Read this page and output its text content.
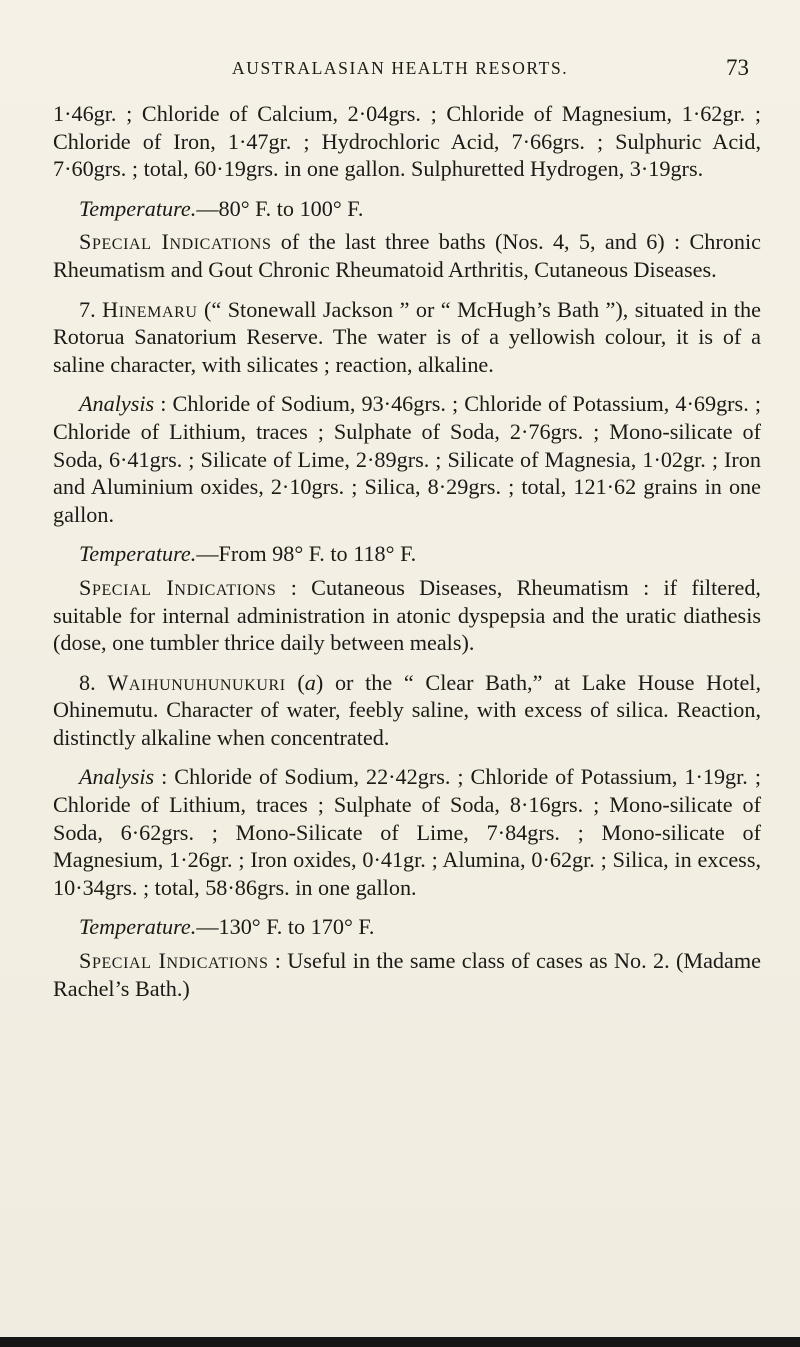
AUSTRALASIAN HEALTH RESORTS.	73

1·46gr. ; Chloride of Calcium, 2·04grs. ; Chloride of Magnesium, 1·62gr. ; Chloride of Iron, 1·47gr. ; Hydrochloric Acid, 7·66grs. ; Sulphuric Acid, 7·60grs. ; total, 60·19grs. in one gallon. Sulphuretted Hydrogen, 3·19grs.

Temperature.—80° F. to 100° F.

Special Indications of the last three baths (Nos. 4, 5, and 6) : Chronic Rheumatism and Gout Chronic Rheumatoid Arthritis, Cutaneous Diseases.

7. Hinemaru (“ Stonewall Jackson ” or “ McHugh’s Bath ”), situated in the Rotorua Sanatorium Reserve. The water is of a yellowish colour, it is of a saline character, with silicates ; reaction, alkaline.

Analysis : Chloride of Sodium, 93·46grs. ; Chloride of Potassium, 4·69grs. ; Chloride of Lithium, traces ; Sulphate of Soda, 2·76grs. ; Mono-silicate of Soda, 6·41grs. ; Silicate of Lime, 2·89grs. ; Silicate of Magnesia, 1·02gr. ; Iron and Aluminium oxides, 2·10grs. ; Silica, 8·29grs. ; total, 121·62 grains in one gallon.

Temperature.—From 98° F. to 118° F.

Special Indications : Cutaneous Diseases, Rheumatism : if filtered, suitable for internal administration in atonic dyspepsia and the uratic diathesis (dose, one tumbler thrice daily between meals).

8. Waihunuhunukuri (a) or the “ Clear Bath,” at Lake House Hotel, Ohinemutu. Character of water, feebly saline, with excess of silica. Reaction, distinctly alkaline when concentrated.

Analysis : Chloride of Sodium, 22·42grs. ; Chloride of Potassium, 1·19gr. ; Chloride of Lithium, traces ; Sulphate of Soda, 8·16grs. ; Mono-silicate of Soda, 6·62grs. ; Mono-Silicate of Lime, 7·84grs. ; Mono-silicate of Magnesium, 1·26gr. ; Iron oxides, 0·41gr. ; Alumina, 0·62gr. ; Silica, in excess, 10·34grs. ; total, 58·86grs. in one gallon.

Temperature.—130° F. to 170° F.

Special Indications : Useful in the same class of cases as No. 2. (Madame Rachel’s Bath.)
